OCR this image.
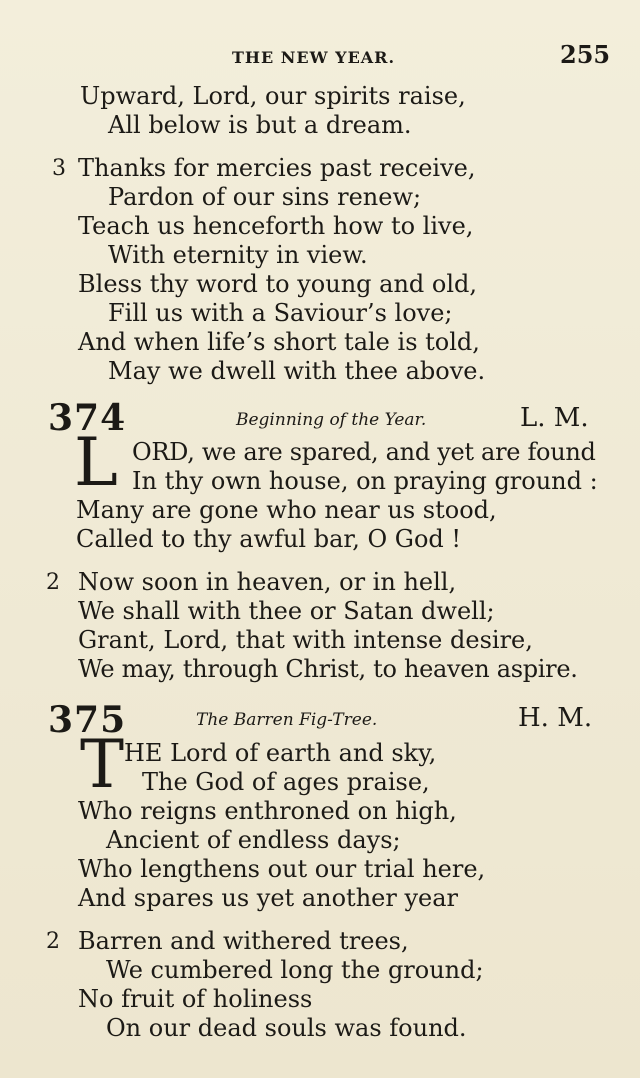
THE NEW YEAR.	255
Upward, Lord, our spirits raise,
All below is but a dream.
3 Thanks for mercies past receive,
Pardon of our sins renew;
Teach us henceforth how to live,
With eternity in view.
Bless thy word to young and old,
Fill us with a Saviour’s love;
And when life’s short tale is told,
May we dwell with thee above.
374	Beginning of the Year.	L. M.
L ORD, we are spared, and yet are found
In thy own house, on praying ground :
Many are gone who near us stood,
Called to thy awful bar, O God !
2 Now soon in heaven, or in hell,
We shall with thee or Satan dwell;
Grant, Lord, that with intense desire,
We may, through Christ, to heaven aspire.
375	The Barren Fig-Tree.	H. M.
T HE Lord of earth and sky,
The God of ages praise,
Who reigns enthroned on high,
Ancient of endless days;
Who lengthens out our trial here,
And spares us yet another year
2 Barren and withered trees,
We cumbered long the ground;
No fruit of holiness
On our dead souls was found.
